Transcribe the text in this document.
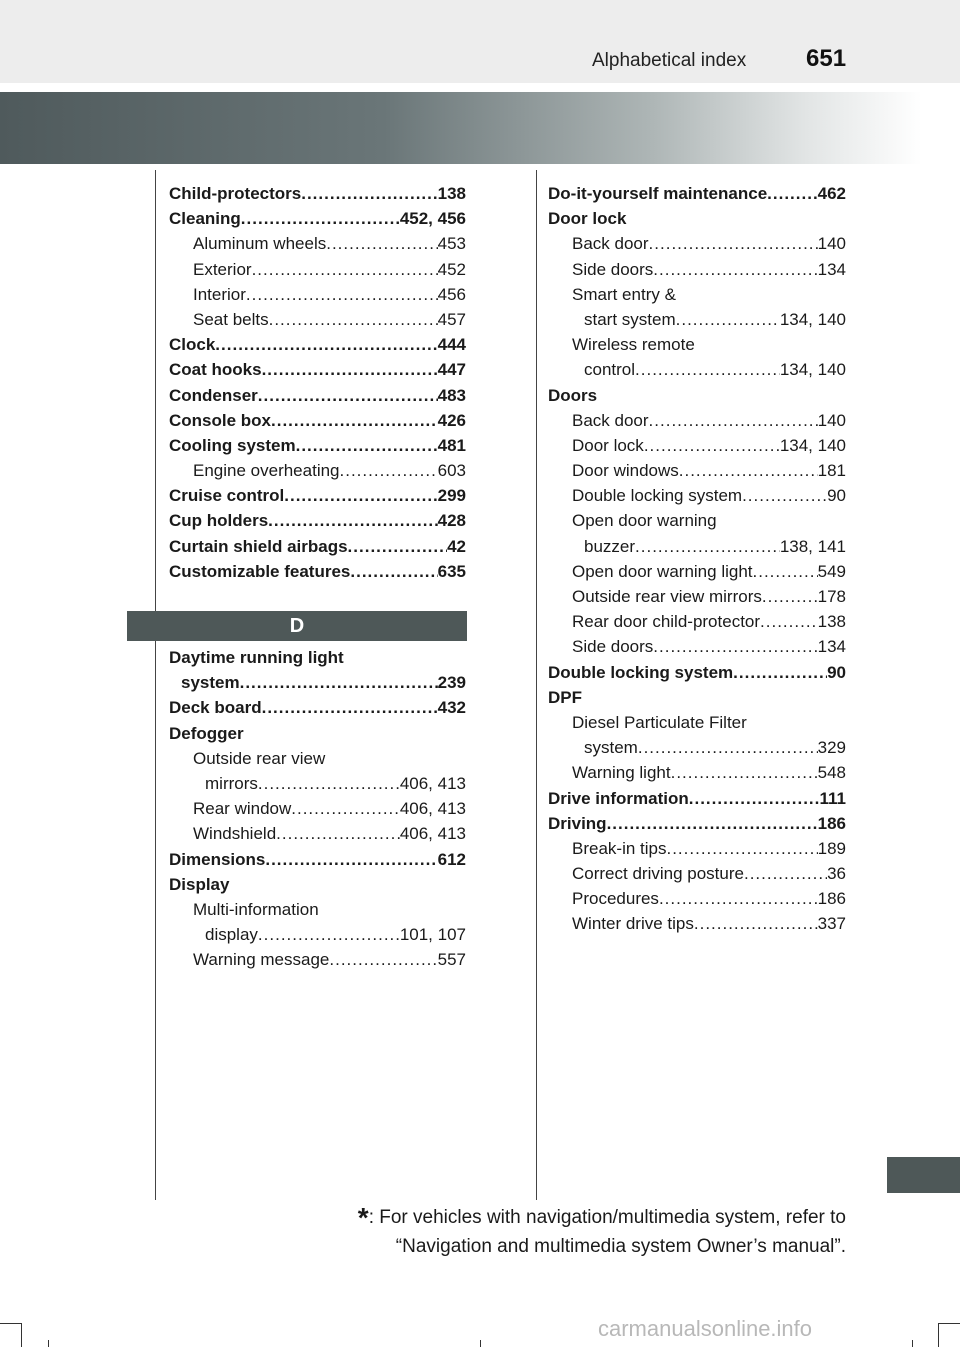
Alphabetical index 651
Child-protectors .....	138
Cleaning .....	452, 456
Aluminum wheels .....	453
Exterior .....	452
Interior .....	456
Seat belts .....	457
Clock .....	444
Coat hooks .....	447
Condenser .....	483
Console box .....	426
Cooling system .....	481
Engine overheating .....	603
Cruise control .....	299
Cup holders .....	428
Curtain shield airbags .....	42
Customizable features .....	635
D
Daytime running light
system .....	239
Deck board .....	432
Defogger
Outside rear view
mirrors .....	406, 413
Rear window .....	406, 413
Windshield .....	406, 413
Dimensions .....	612
Display
Multi-information
display .....	101, 107
Warning message .....	557
Do-it-yourself maintenance .....	462
Door lock
Back door .....	140
Side doors .....	134
Smart entry &
start system .....	134, 140
Wireless remote
control .....	134, 140
Doors
Back door .....	140
Door lock .....	134, 140
Door windows .....	181
Double locking system .....	90
Open door warning
buzzer .....	138, 141
Open door warning light .....	549
Outside rear view mirrors .....	178
Rear door child-protector .....	138
Side doors .....	134
Double locking system .....	90
DPF
Diesel Particulate Filter
system .....	329
Warning light .....	548
Drive information .....	111
Driving .....	186
Break-in tips .....	189
Correct driving posture .....	36
Procedures .....	186
Winter drive tips .....	337
*: For vehicles with navigation/multimedia system, refer to
“Navigation and multimedia system Owner’s manual”.
carmanualsonline.info
